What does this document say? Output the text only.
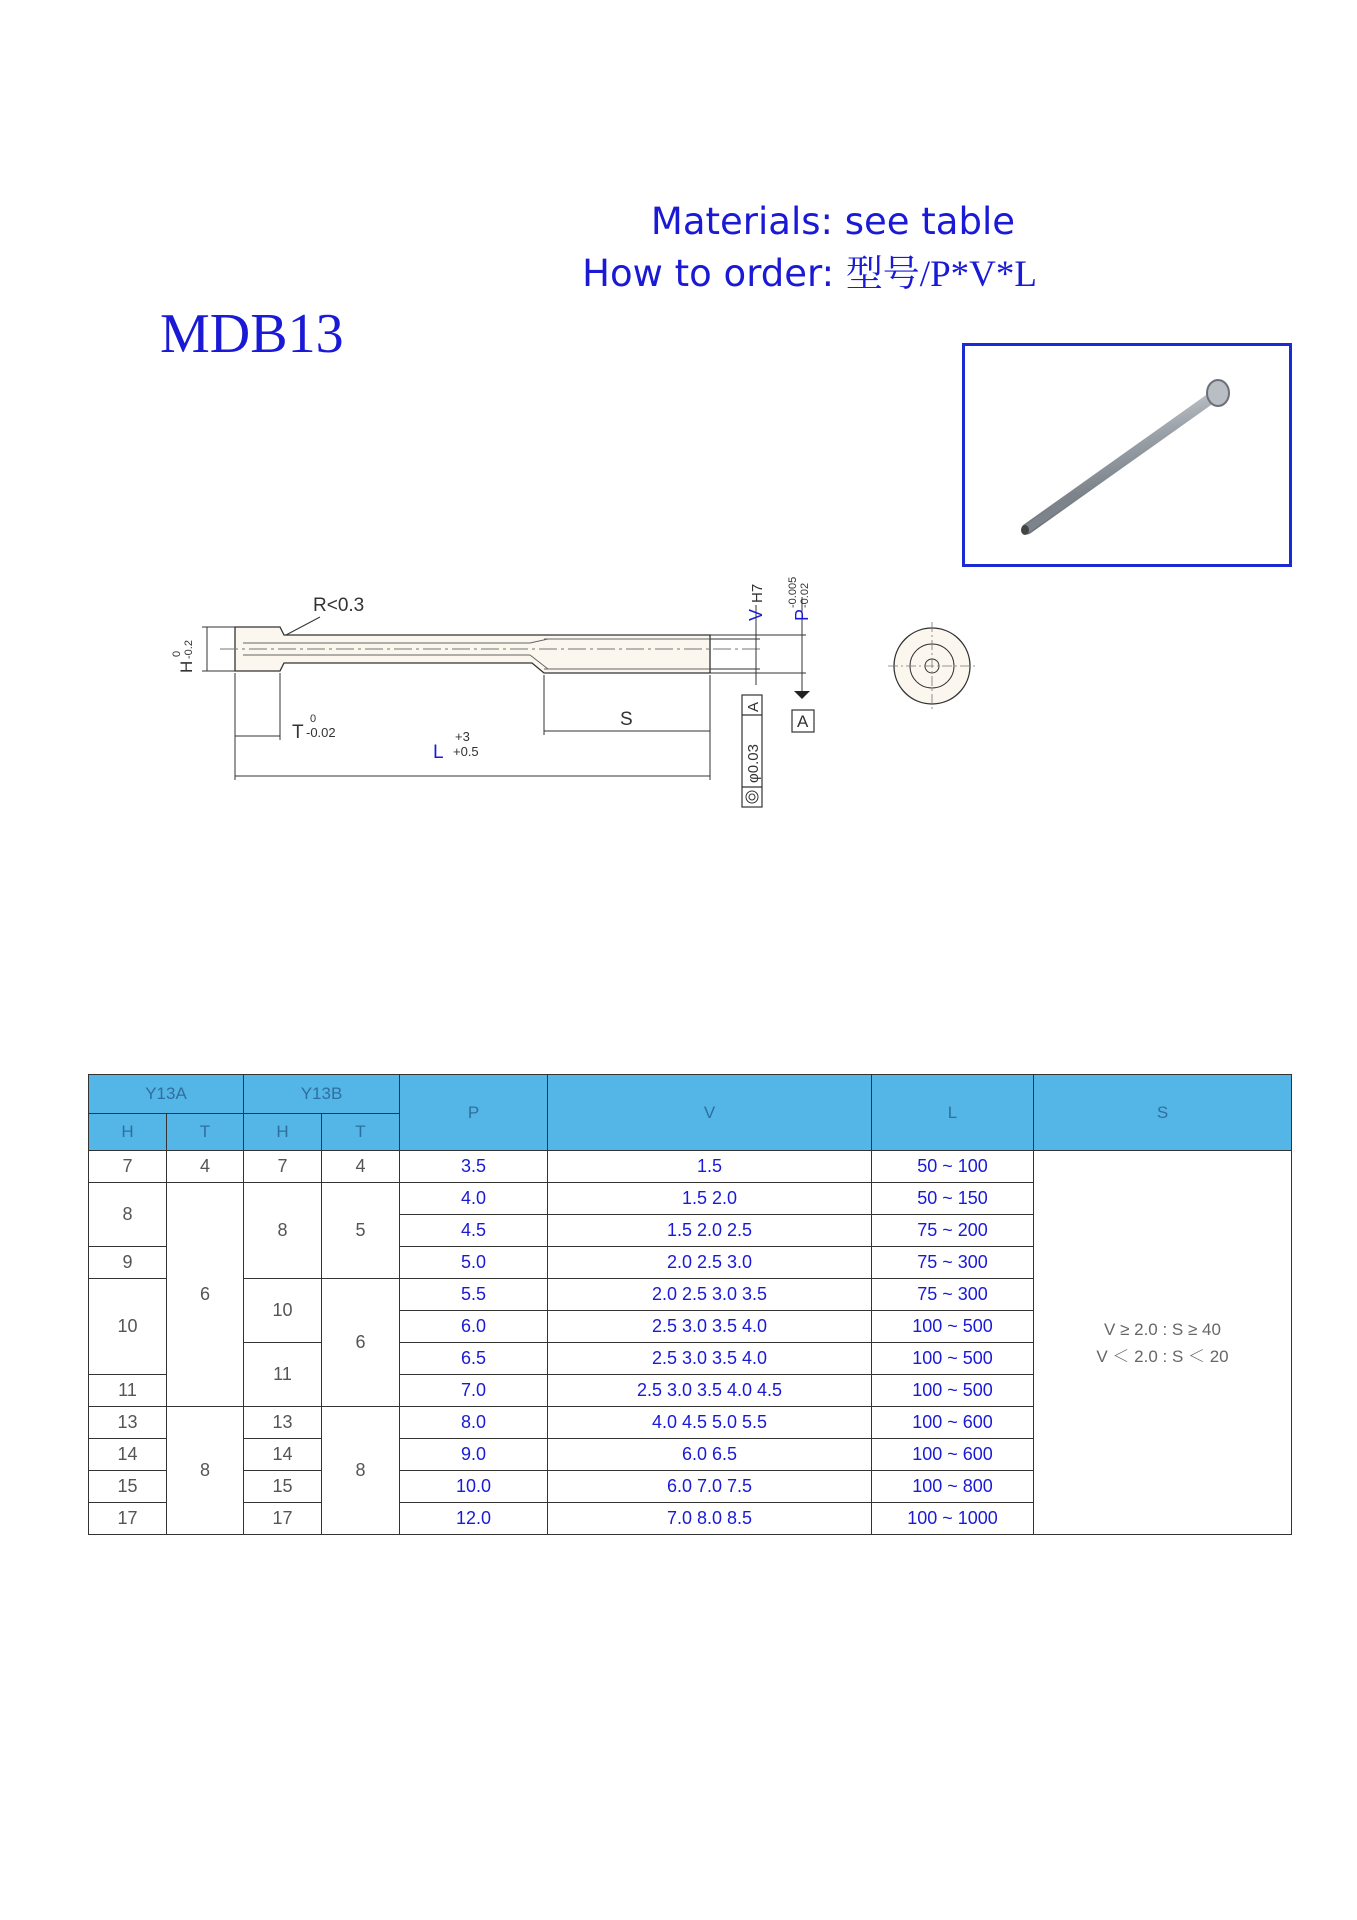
Materials: see table
How to order: 型号/P*V*L
MDB13
R<0.3
H
0 -0.2
T
0
-0.02
S
L
+3
+0.5
V
H7
P
-0.005 -0.02
A
φ0.03
A
Y13A		Y13B		P	V	L	S
H	T	H	T				
7	4	7	4	3.5	1.5	50 ~ 100	V ≥ 2.0 : S ≥ 40
V ＜ 2.0 : S ＜ 20

8	6	8	5	4.0	1.5 2.0	50 ~ 150	
				4.5	1.5 2.0 2.5	75 ~ 200	
9				5.0	2.0 2.5 3.0	75 ~ 300	
10		10	6	5.5	2.0 2.5 3.0 3.5	75 ~ 300	
				6.0	2.5 3.0 3.5 4.0	100 ~ 500	
		11		6.5	2.5 3.0 3.5 4.0	100 ~ 500	
11				7.0	2.5 3.0 3.5 4.0 4.5	100 ~ 500	
13	8	13	8	8.0	4.0 4.5 5.0 5.5	100 ~ 600	
14		14		9.0	6.0 6.5	100 ~ 600	
15		15		10.0	6.0 7.0 7.5	100 ~ 800	
17		17		12.0	7.0 8.0 8.5	100 ~ 1000	
